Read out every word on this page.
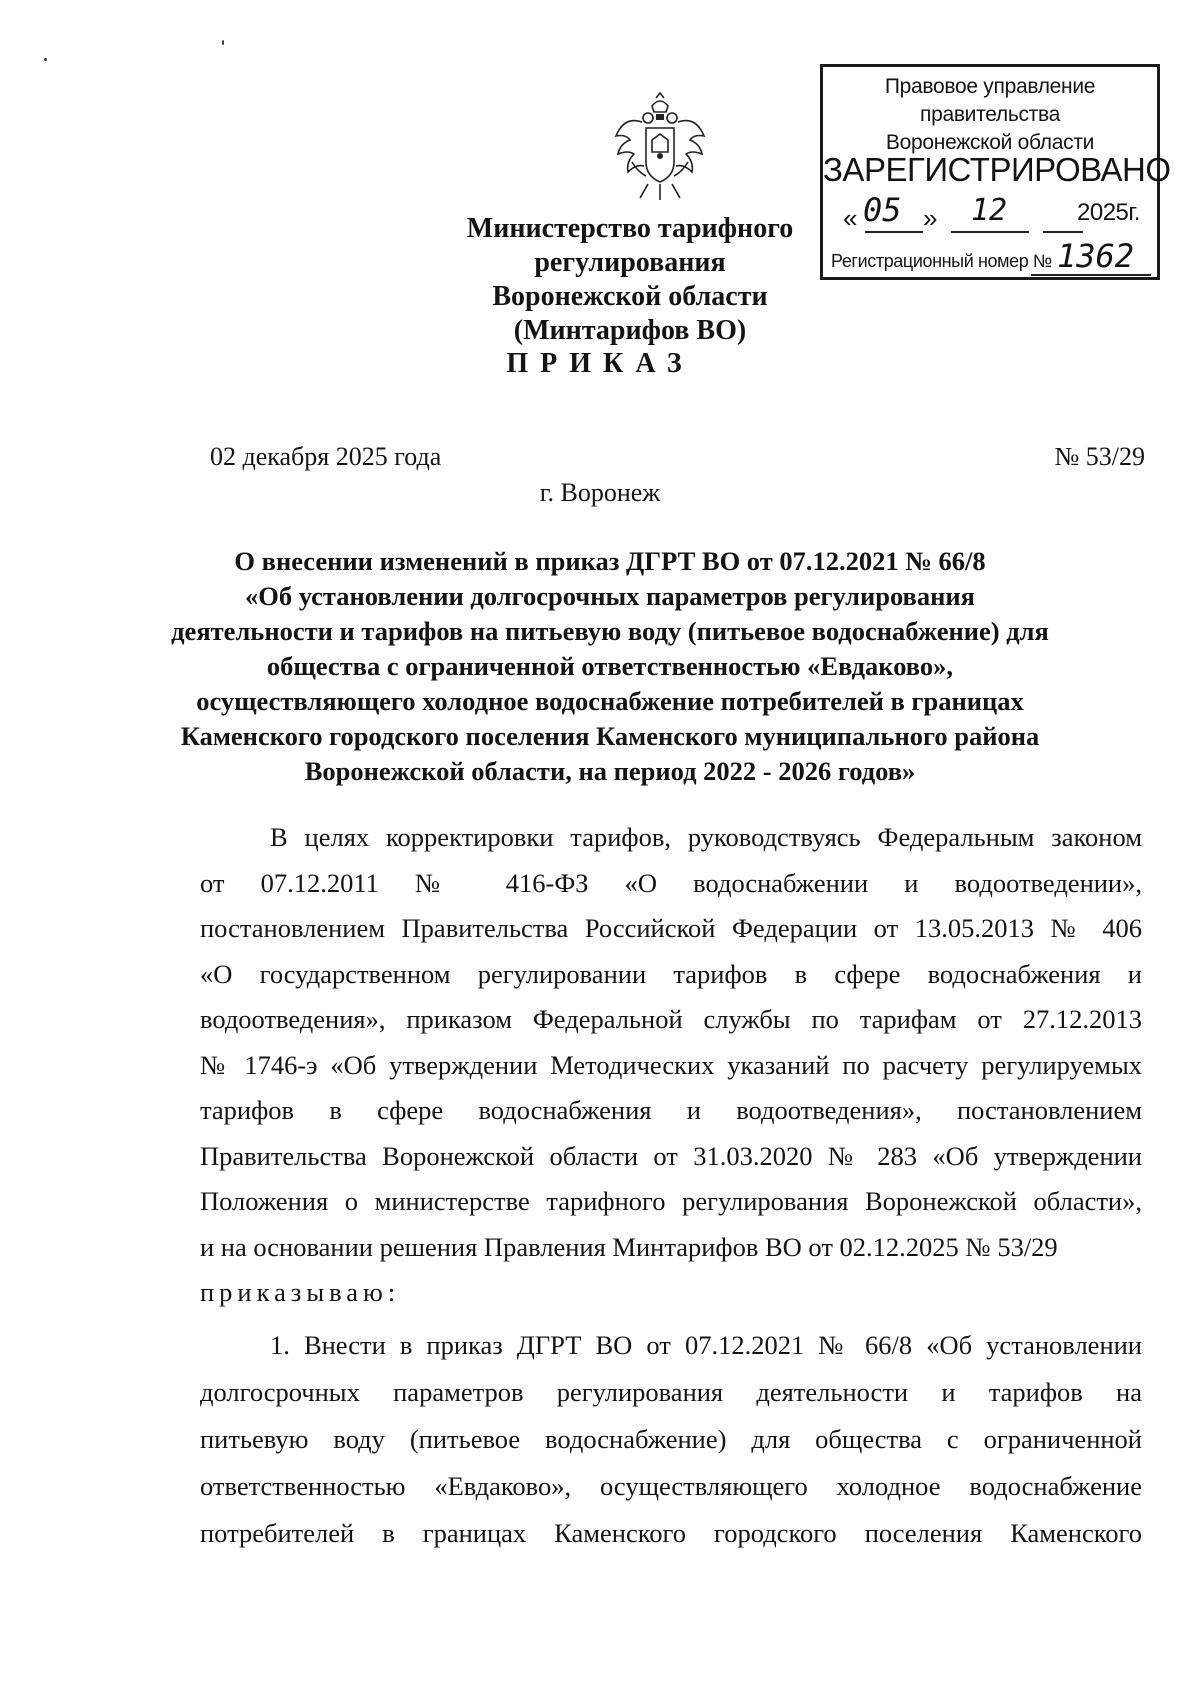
Правовое управление правительства
Воронежской области
ЗАРЕГИСТРИРОВАНО
« 05 » 12	2025г.
Регистрационный номер № 1362
Министерство тарифного регулирования
Воронежской области
(Минтарифов ВО)
ПРИКАЗ
02 декабря 2025 года	№ 53/29
г. Воронеж
О внесении изменений в приказ ДГРТ ВО от 07.12.2021 № 66/8
«Об установлении долгосрочных параметров регулирования
деятельности и тарифов на питьевую воду (питьевое водоснабжение) для
общества с ограниченной ответственностью «Евдаково»,
осуществляющего холодное водоснабжение потребителей в границах
Каменского городского поселения Каменского муниципального района
Воронежской области, на период 2022 - 2026 годов»

В целях корректировки тарифов, руководствуясь Федеральным законом

от 07.12.2011 № 416-ФЗ «О водоснабжении и водоотведении»,

постановлением Правительства Российской Федерации от 13.05.2013 № 406

«О государственном регулировании тарифов в сфере водоснабжения и

водоотведения», приказом Федеральной службы по тарифам от 27.12.2013

№ 1746-э «Об утверждении Методических указаний по расчету регулируемых

тарифов в сфере водоснабжения и водоотведения», постановлением

Правительства Воронежской области от 31.03.2020 № 283 «Об утверждении

Положения о министерстве тарифного регулирования Воронежской области»,

и на основании решения Правления Минтарифов ВО от 02.12.2025 № 53/29

приказываю:

1. Внести в приказ ДГРТ ВО от 07.12.2021 № 66/8 «Об установлении

долгосрочных параметров регулирования деятельности и тарифов на

питьевую воду (питьевое водоснабжение) для общества с ограниченной

ответственностью «Евдаково», осуществляющего холодное водоснабжение

потребителей в границах Каменского городского поселения Каменского
